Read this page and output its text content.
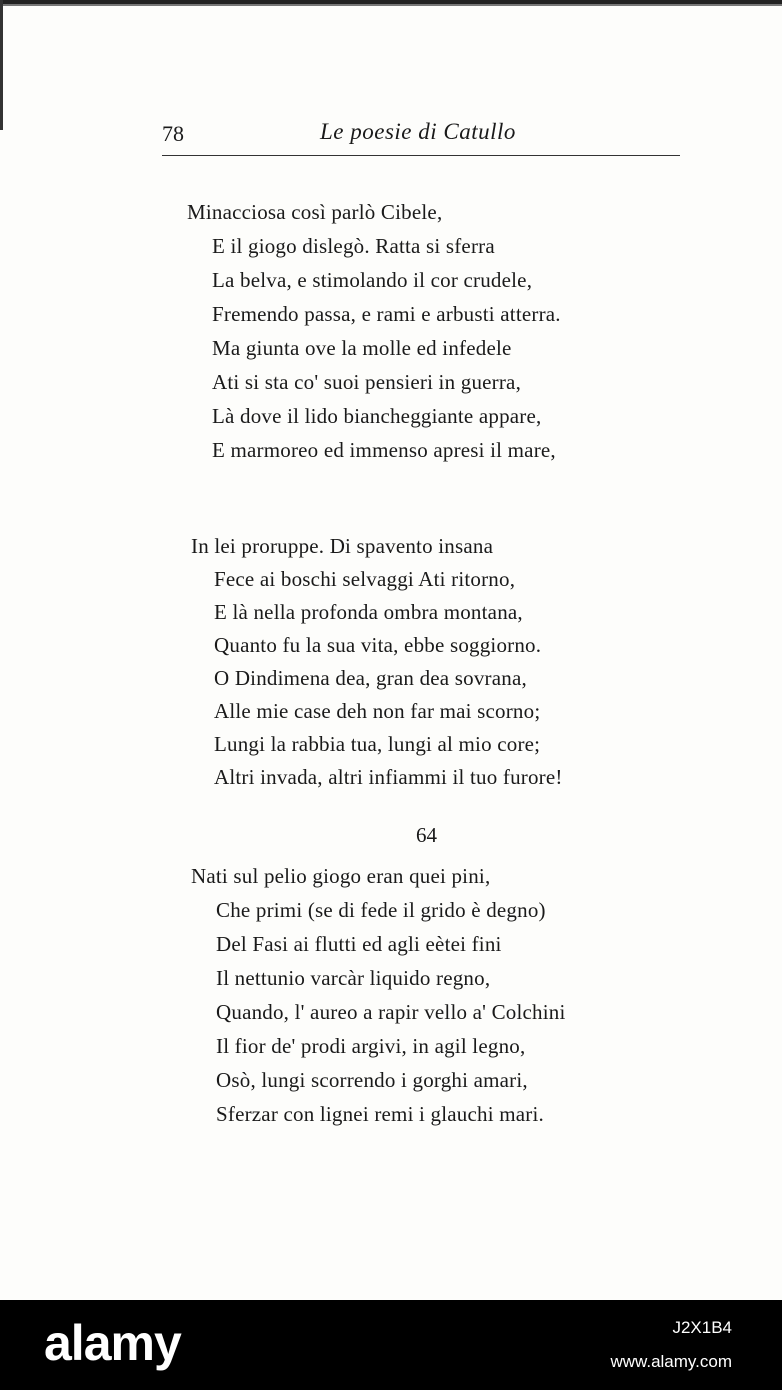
78	Le poesie di Catullo
Minacciosa così parlò Cibele,
E il giogo dislegò. Ratta si sferra
La belva, e stimolando il cor crudele,
Fremendo passa, e rami e arbusti atterra.
Ma giunta ove la molle ed infedele
Ati si sta co' suoi pensieri in guerra,
Là dove il lido biancheggiante appare,
E marmoreo ed immenso apresi il mare,
In lei proruppe. Di spavento insana
Fece ai boschi selvaggi Ati ritorno,
E là nella profonda ombra montana,
Quanto fu la sua vita, ebbe soggiorno.
O Dindimena dea, gran dea sovrana,
Alle mie case deh non far mai scorno;
Lungi la rabbia tua, lungi al mio core;
Altri invada, altri infiammi il tuo furore!
64
Nati sul pelio giogo eran quei pini,
Che primi (se di fede il grido è degno)
Del Fasi ai flutti ed agli eètei fini
Il nettunio varcàr liquido regno,
Quando, l' aureo a rapir vello a' Colchini
Il fior de' prodi argivi, in agil legno,
Osò, lungi scorrendo i gorghi amari,
Sferzar con lignei remi i glauchi mari.
alamy	J2X1B4
www.alamy.com
